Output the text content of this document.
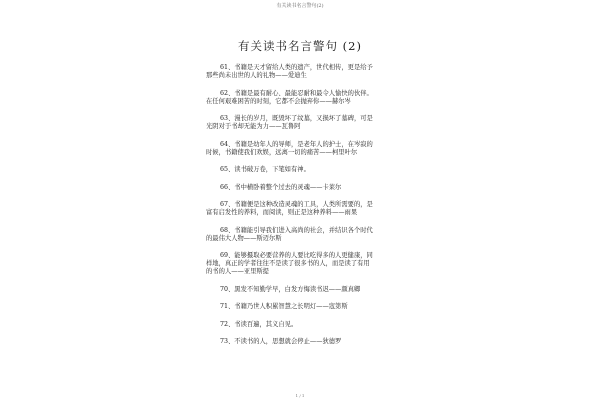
有关读书名言警句(2)
有关读书名言警句 (2)
61、书籍是天才留给人类的遗产，世代相传，更是给予
那些尚未出世的人的礼物——爱迪生
62、书籍是最有耐心、最能忍耐和最令人愉快的伙伴。
在任何艰难困苦的时刻，它都不会抛弃你——赫尔岑
63、漫长的岁月，既毁坏了纹墓，又损坏了墓碑，可是
光阴对于书却无能为力——瓦鲁阿
64、书籍是幼年人的导师，是老年人的护士，在岑寂的
时候，书籍使我们欢娱，远离一切的痛苦——柯里叶尔
65、读书破万卷，下笔如有神。
66、书中横卧着整个过去的灵魂——卡莱尔
67、书籍便是这种改造灵魂的工具，人类所需要的，是
富有启发性的养料，而阅读，则正是这种养料——雨果
68、书籍能引导我们进入高尚的社会，并结识各个时代
的最伟大人物——斯迈尔斯
69、能够摄取必要营养的人要比吃得多的人更健康，同
样地，真正的学者往往不是读了很多书的人，而是读了有用
的书的人——亚里斯提
70、黑发不知勤学早，白发方悔读书迟——颜真卿
71、书籍乃世人积累智慧之长明灯——寇第斯
72、书读百遍，其义自见。
73、不读书的人，思想就会停止——狄德罗
1 / 1
